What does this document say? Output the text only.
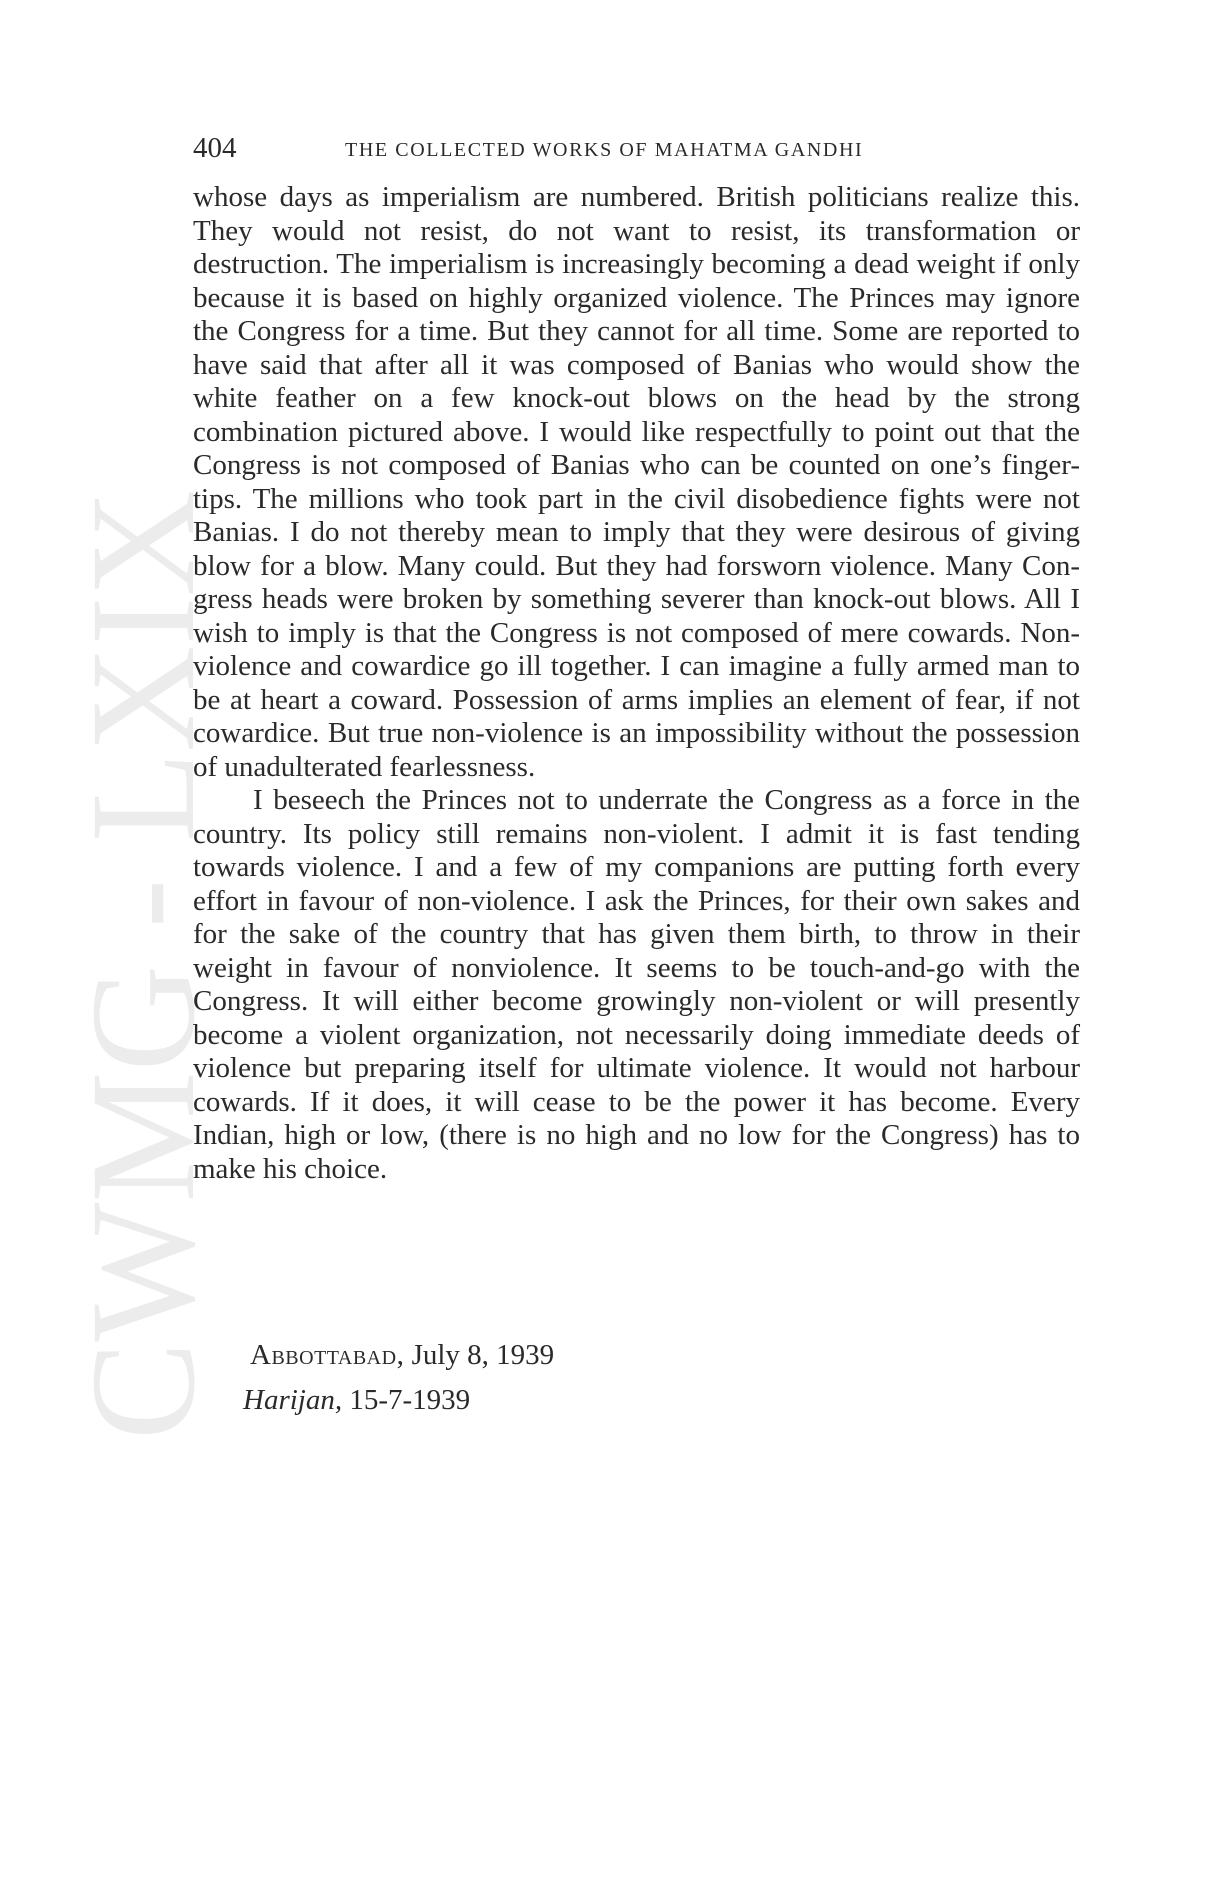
CWMG - LXIX
404	THE COLLECTED WORKS OF MAHATMA GANDHI

whose days as imperialism are numbered. British politicians realize this. They would not resist, do not want to resist, its transformation or destruction. The imperialism is increasingly becoming a dead weight if only because it is based on highly organized violence. The Princes may ignore the Congress for a time. But they cannot for all time. Some are reported to have said that after all it was composed of Banias who would show the white feather on a few knock-out blows on the head by the strong combination pictured above. I would like respectfully to point out that the Congress is not composed of Banias who can be counted on one’s finger-tips. The millions who took part in the civil disobedience fights were not Banias. I do not thereby mean to imply that they were desirous of giving blow for a blow. Many could. But they had forsworn violence. Many Congress heads were broken by something severer than knock-out blows. All I wish to imply is that the Congress is not composed of mere cowards. Non-violence and cowardice go ill together. I can imagine a fully armed man to be at heart a coward. Possession of arms implies an element of fear, if not cowardice. But true non-violence is an impossibility without the possession of unadulterated fearlessness.

I beseech the Princes not to underrate the Congress as a force in the country. Its policy still remains non-violent. I admit it is fast tending towards violence. I and a few of my companions are putting forth every effort in favour of non-violence. I ask the Princes, for their own sakes and for the sake of the country that has given them birth, to throw in their weight in favour of nonviolence. It seems to be touch-and-go with the Congress. It will either become growingly non-violent or will presently become a violent organization, not necessarily doing immediate deeds of violence but preparing itself for ultimate violence. It would not harbour cowards. If it does, it will cease to be the power it has become. Every Indian, high or low, (there is no high and no low for the Congress) has to make his choice.

Abbottabad, July 8, 1939
Harijan, 15-7-1939
